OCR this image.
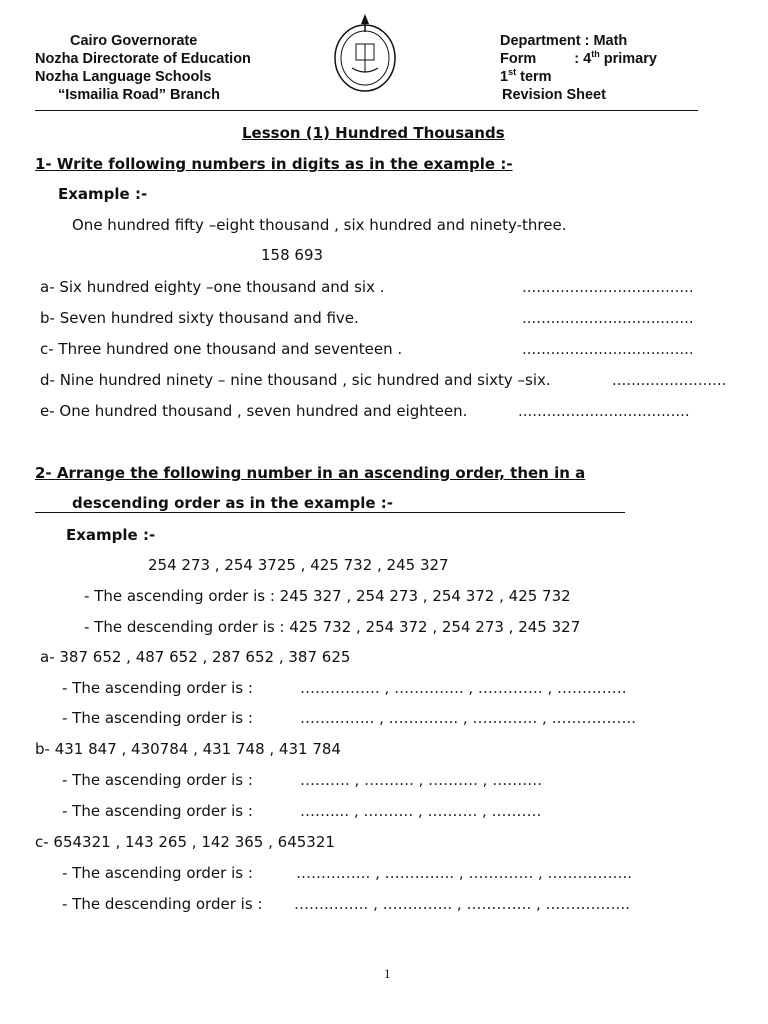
Cairo Governorate
Nozha Directorate of Education
Nozha Language Schools
“Ismailia Road” Branch
Department : Math
Form	: 4th primary
1st term
Revision Sheet
Lesson (1) Hundred Thousands
1- Write following numbers in digits as in the example :-
Example :-
One hundred fifty –eight thousand , six hundred and ninety-three.
158 693
a- Six hundred eighty –one thousand and six .	....................................
b- Seven hundred sixty thousand and five.	....................................
c- Three hundred one thousand and seventeen .	....................................
d- Nine hundred ninety – nine thousand , sic hundred and sixty –six.	........................
e- One hundred thousand , seven hundred and eighteen.	....................................
2- Arrange the following number in an ascending order, then in a
descending order as in the example :-
Example :-
254 273 , 254 3725 , 425 732 , 245 327
- The ascending order is : 245 327 , 254 273 , 254 372 , 425 732
- The descending order is : 425 732 , 254 372 , 254 273 , 245 327
a- 387 652 , 487 652 , 287 652 , 387 625
- The ascending order is :	……………. , ………….. , …………. , …….…….
- The ascending order is :	…….…….. , ………….. , …………. , ……………..
b- 431 847 , 430784 , 431 748 , 431 784
- The ascending order is :	………. , ………. , ………. , ……….
- The ascending order is :	…….... , ………. , ………. , ……….
c- 654321 , 143 265 , 142 365 , 645321
- The ascending order is :	…….…….. , ………….. , …………. , ……………..
- The descending order is : …….…….. , ………….. , …………. , ……………..
1
